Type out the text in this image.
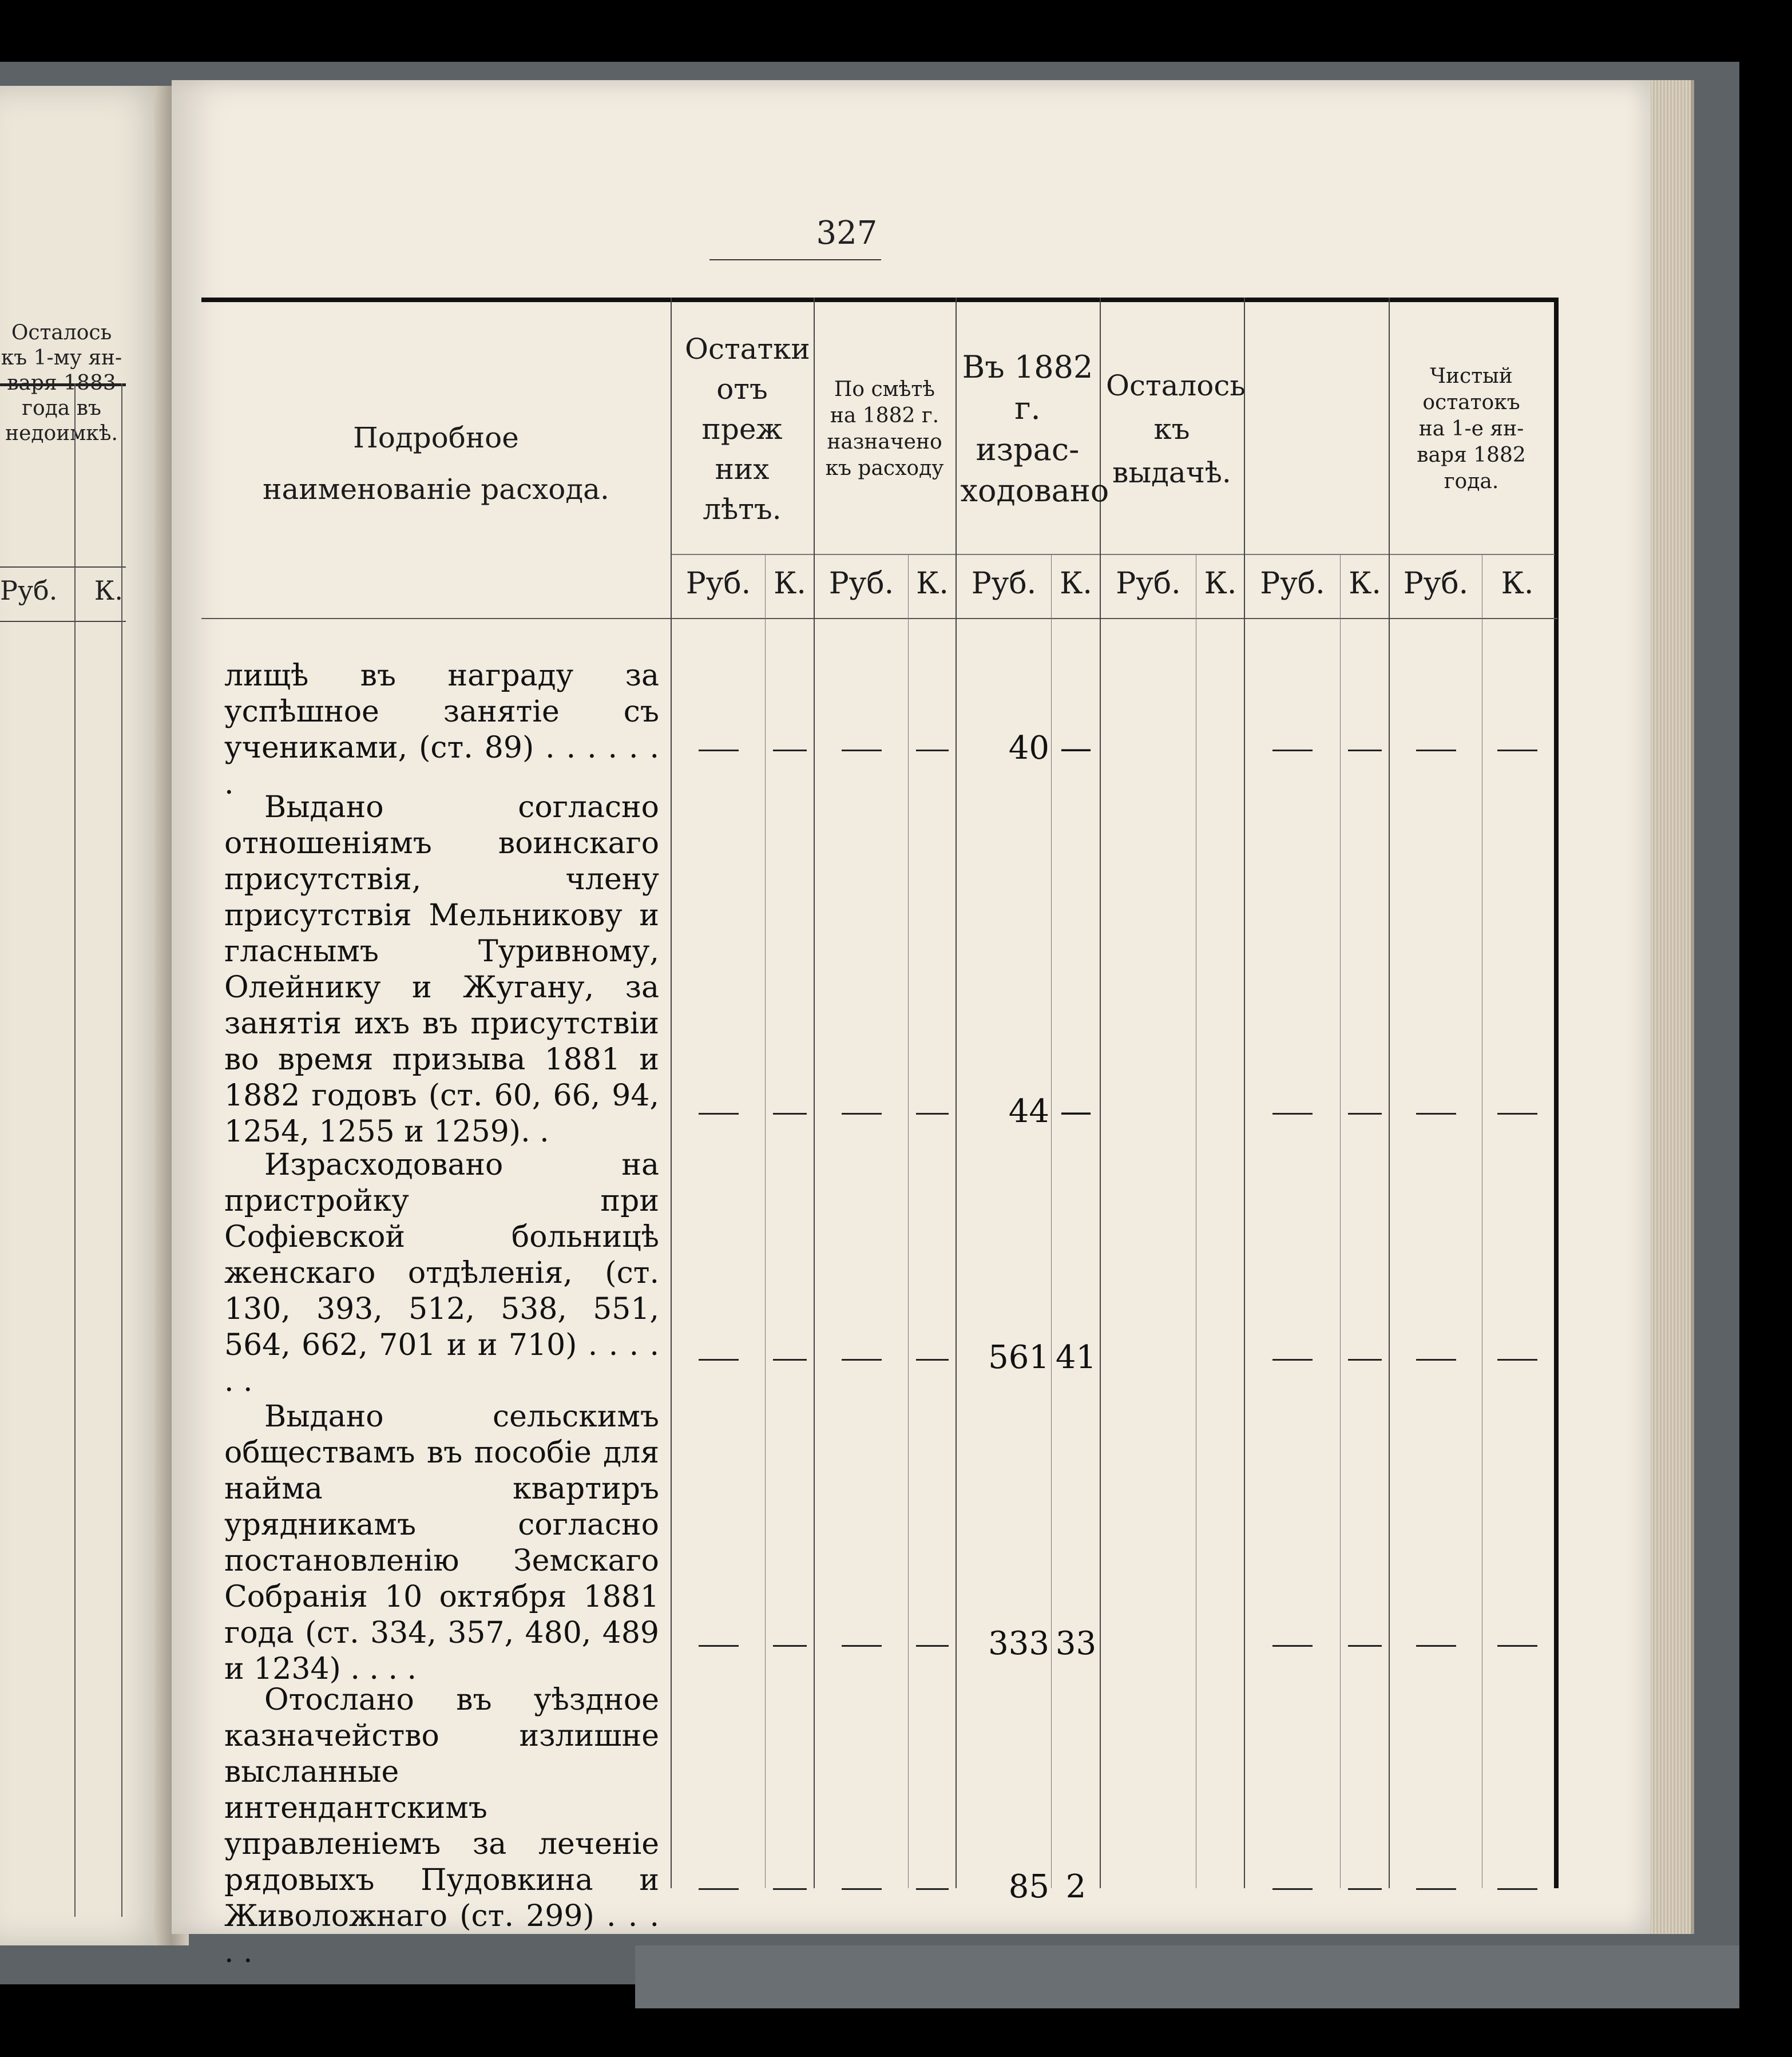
Осталось
къ 1-му ян-
варя 1883
года въ
недоимкѣ.
Руб. К.
327
Подробное наименованіе расхода.
Остатки отъ преж них лѣтъ.
По смѣтѣ на 1882 г. назначено къ расходу
Въ 1882 г. израс-ходовано
Осталось къ выдачѣ.
Чистый остатокъ на 1-е ян-варя 1882 года.
Руб. К. Руб. К. Руб. К. Руб. К. Руб. К. Руб.	К.
лищѣ въ награду за успѣшное занятіе съ учениками, (ст. 89) . . . . . . .
40 —
Выдано согласно отношеніямъ воинскаго присутствія, члену присутствія Мельникову и гласнымъ Туривному, Олейнику и Жугану, за занятія ихъ въ присутствіи во время призыва 1881 и 1882 годовъ (ст. 60, 66, 94, 1254, 1255 и 1259). .
44 —
Израсходовано на пристройку при Софіевской больницѣ женскаго отдѣленія, (ст. 130, 393, 512, 538, 551, 564, 662, 701 и и 710) . . . . . .
561 41
Выдано сельскимъ обществамъ въ пособіе для найма квартиръ урядникамъ согласно постановленію Земскаго Собранія 10 октября 1881 года (ст. 334, 357, 480, 489 и 1234) . . . .
333 33
Отослано въ уѣздное казначейство излишне высланные интендантскимъ управленіемъ за леченіе рядовыхъ Пудовкина и Живоложнаго (ст. 299) . . . . .
85 2
